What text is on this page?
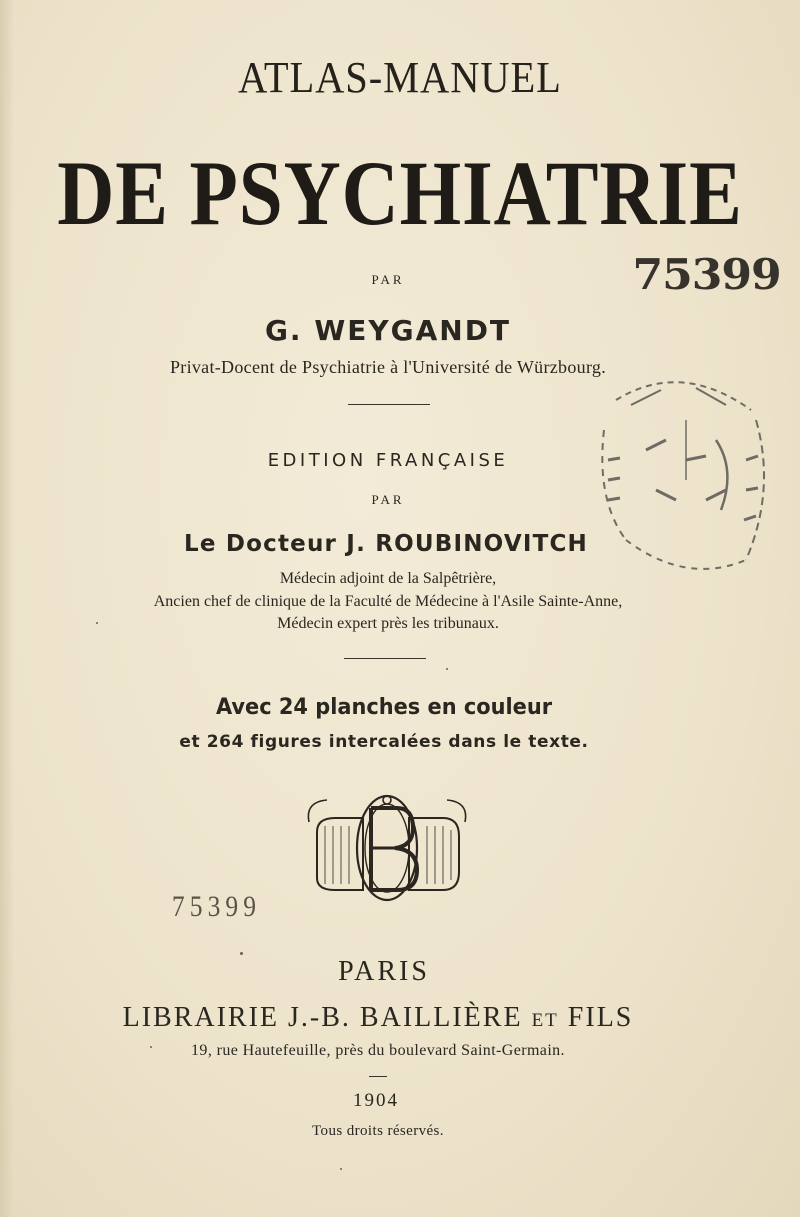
ATLAS-MANUEL
DE PSYCHIATRIE
PAR
G. WEYGANDT
Privat-Docent de Psychiatrie à l'Université de Würzbourg.
EDITION FRANÇAISE
PAR
Le Docteur J. ROUBINOVITCH
Médecin adjoint de la Salpêtrière,
Ancien chef de clinique de la Faculté de Médecine à l'Asile Sainte-Anne,
Médecin expert près les tribunaux.
Avec 24 planches en couleur
et 264 figures intercalées dans le texte.
75399
75399
PARIS
LIBRAIRIE J.-B. BAILLIÈRE ET FILS
19, rue Hautefeuille, près du boulevard Saint-Germain.
1904
Tous droits réservés.
